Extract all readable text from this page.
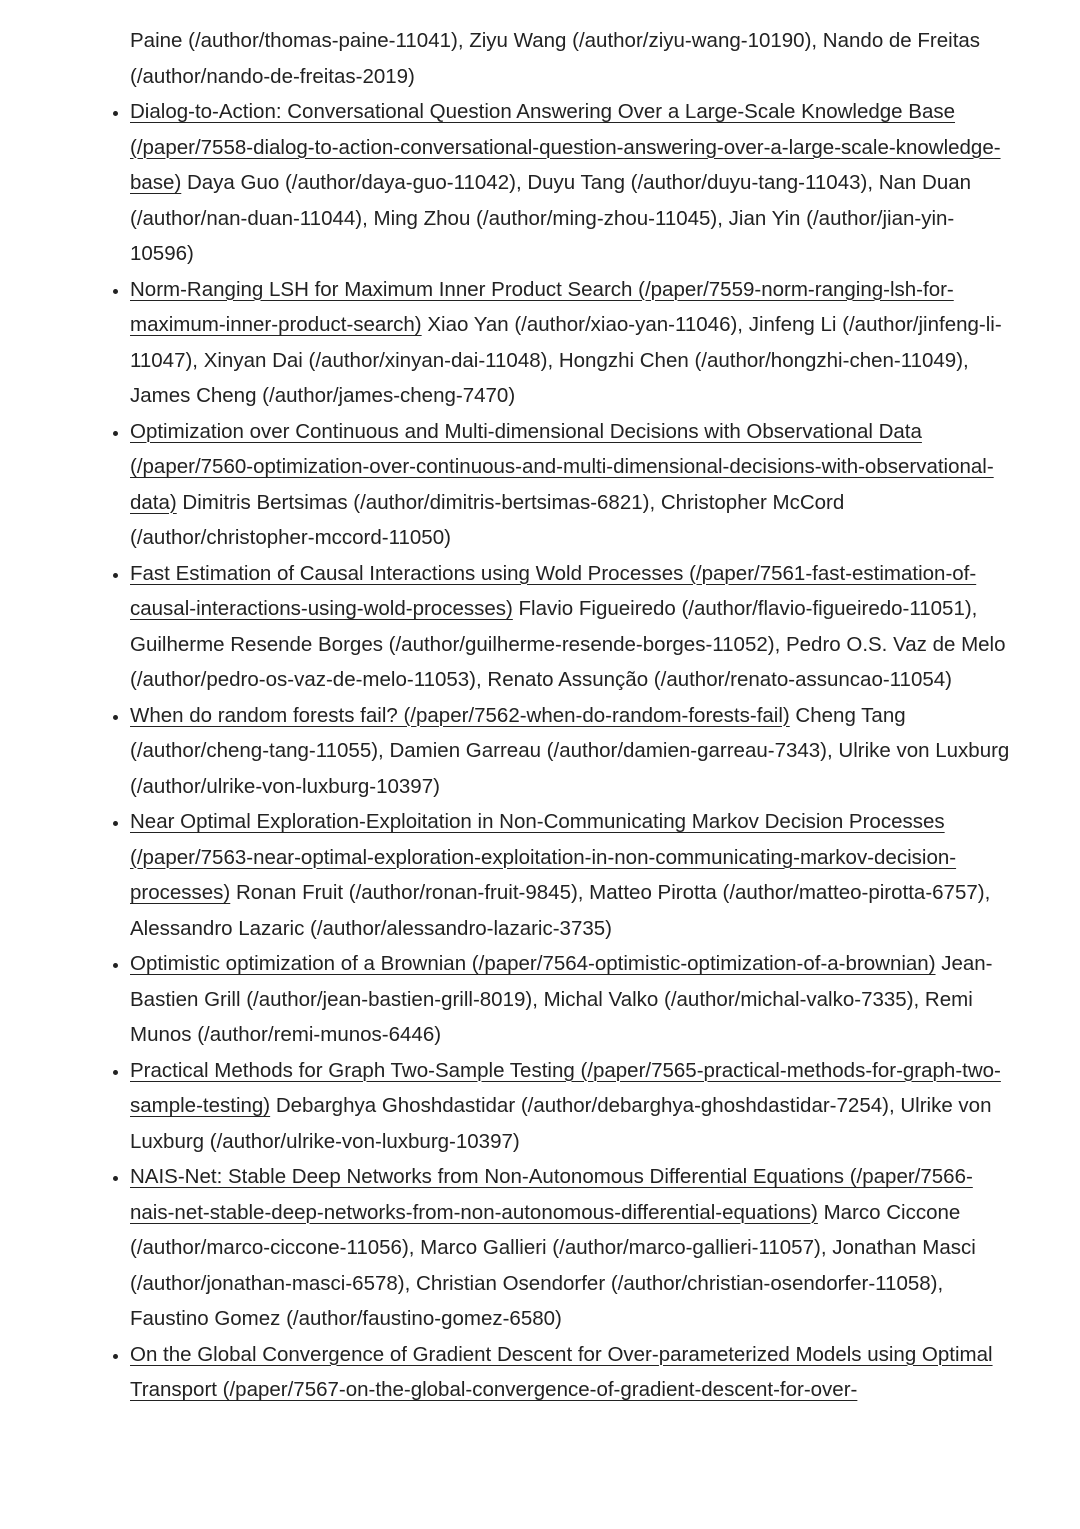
Paine (/author/thomas-paine-11041), Ziyu Wang (/author/ziyu-wang-10190), Nando de Freitas (/author/nando-de-freitas-2019)

• Dialog-to-Action: Conversational Question Answering Over a Large-Scale Knowledge Base (/paper/7558-dialog-to-action-conversational-question-answering-over-a-large-scale-knowledge-base) Daya Guo (/author/daya-guo-11042), Duyu Tang (/author/duyu-tang-11043), Nan Duan (/author/nan-duan-11044), Ming Zhou (/author/ming-zhou-11045), Jian Yin (/author/jian-yin-10596)
• Norm-Ranging LSH for Maximum Inner Product Search (/paper/7559-norm-ranging-lsh-for-maximum-inner-product-search) Xiao Yan (/author/xiao-yan-11046), Jinfeng Li (/author/jinfeng-li-11047), Xinyan Dai (/author/xinyan-dai-11048), Hongzhi Chen (/author/hongzhi-chen-11049), James Cheng (/author/james-cheng-7470)
• Optimization over Continuous and Multi-dimensional Decisions with Observational Data (/paper/7560-optimization-over-continuous-and-multi-dimensional-decisions-with-observational-data) Dimitris Bertsimas (/author/dimitris-bertsimas-6821), Christopher McCord (/author/christopher-mccord-11050)
• Fast Estimation of Causal Interactions using Wold Processes (/paper/7561-fast-estimation-of-causal-interactions-using-wold-processes) Flavio Figueiredo (/author/flavio-figueiredo-11051), Guilherme Resende Borges (/author/guilherme-resende-borges-11052), Pedro O.S. Vaz de Melo (/author/pedro-os-vaz-de-melo-11053), Renato Assunção (/author/renato-assuncao-11054)
• When do random forests fail? (/paper/7562-when-do-random-forests-fail) Cheng Tang (/author/cheng-tang-11055), Damien Garreau (/author/damien-garreau-7343), Ulrike von Luxburg (/author/ulrike-von-luxburg-10397)
• Near Optimal Exploration-Exploitation in Non-Communicating Markov Decision Processes (/paper/7563-near-optimal-exploration-exploitation-in-non-communicating-markov-decision-processes) Ronan Fruit (/author/ronan-fruit-9845), Matteo Pirotta (/author/matteo-pirotta-6757), Alessandro Lazaric (/author/alessandro-lazaric-3735)
• Optimistic optimization of a Brownian (/paper/7564-optimistic-optimization-of-a-brownian) Jean-Bastien Grill (/author/jean-bastien-grill-8019), Michal Valko (/author/michal-valko-7335), Remi Munos (/author/remi-munos-6446)
• Practical Methods for Graph Two-Sample Testing (/paper/7565-practical-methods-for-graph-two-sample-testing) Debarghya Ghoshdastidar (/author/debarghya-ghoshdastidar-7254), Ulrike von Luxburg (/author/ulrike-von-luxburg-10397)
• NAIS-Net: Stable Deep Networks from Non-Autonomous Differential Equations (/paper/7566-nais-net-stable-deep-networks-from-non-autonomous-differential-equations) Marco Ciccone (/author/marco-ciccone-11056), Marco Gallieri (/author/marco-gallieri-11057), Jonathan Masci (/author/jonathan-masci-6578), Christian Osendorfer (/author/christian-osendorfer-11058), Faustino Gomez (/author/faustino-gomez-6580)
• On the Global Convergence of Gradient Descent for Over-parameterized Models using Optimal Transport (/paper/7567-on-the-global-convergence-of-gradient-descent-for-over-
